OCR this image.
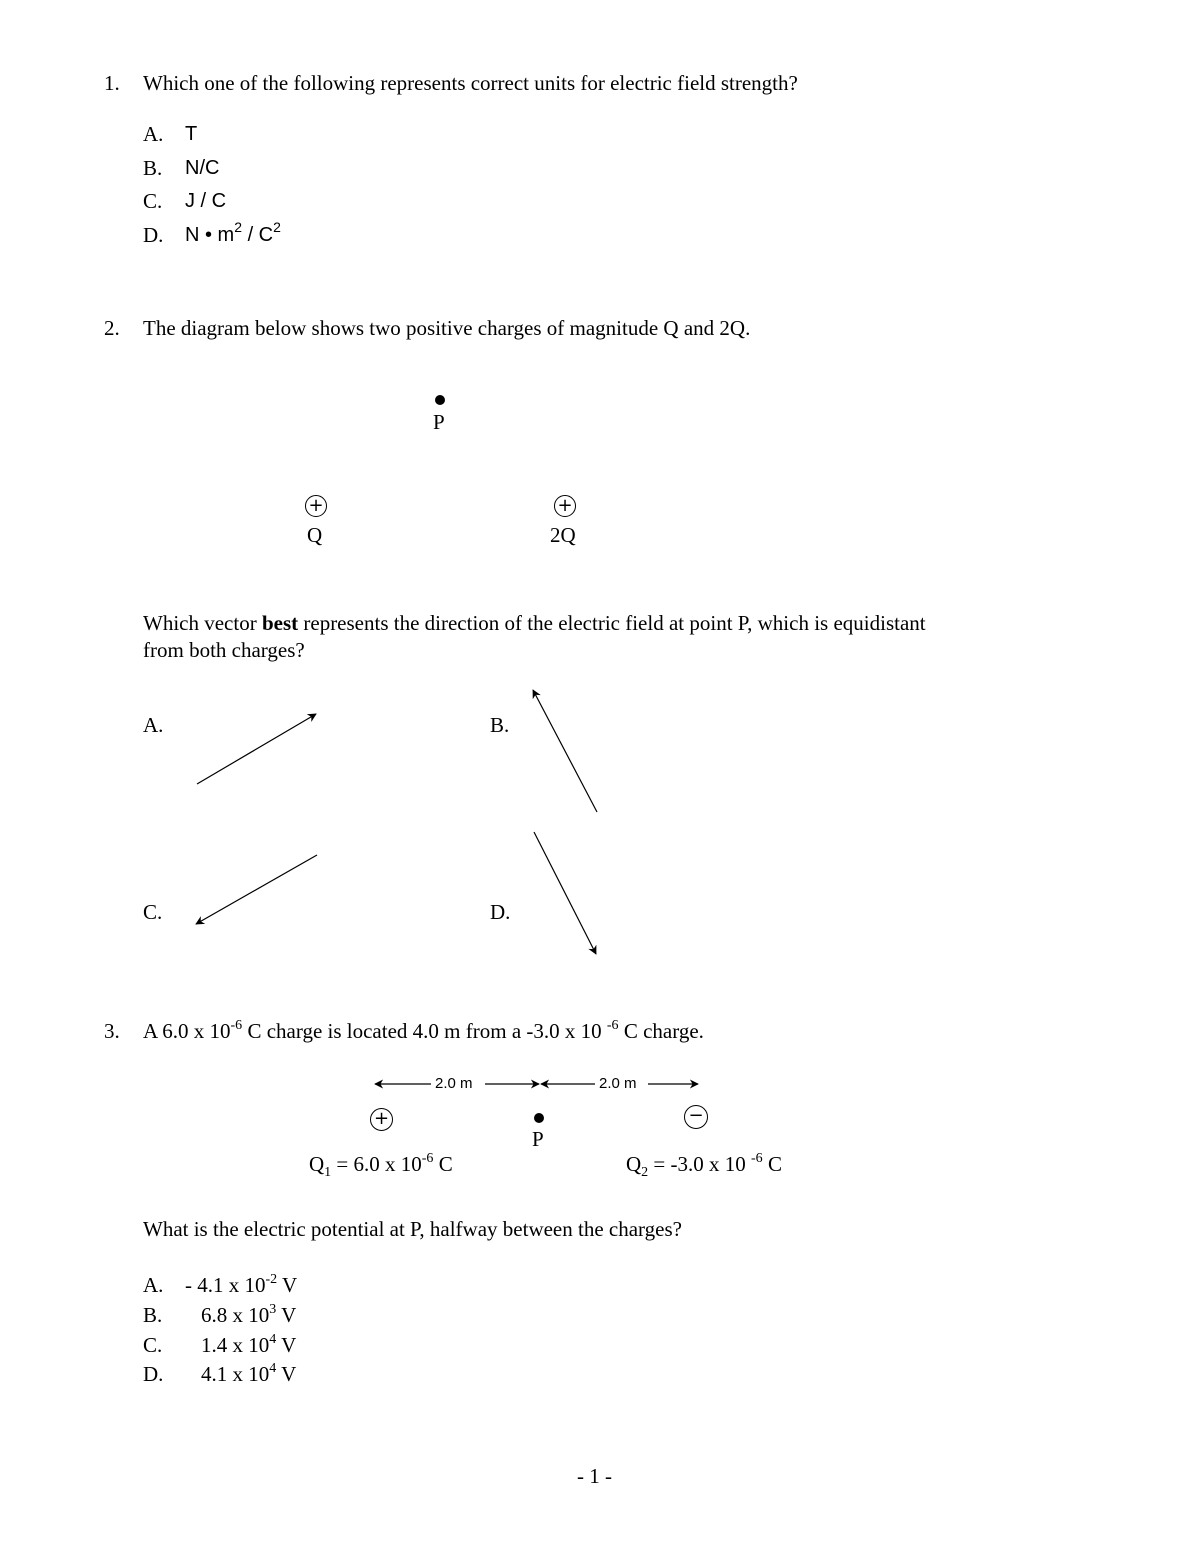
1. Which one of the following represents correct units for electric field strength?
A. T
B. N/C
C. J / C
D. N • $m^2 / C^2$
2. The diagram below shows two positive charges of magnitude Q and 2Q.
P
+
Q
+
2Q
Which vector best represents the direction of the electric field at point P, which is equidistant
from both charges?
A.	B.
C.	D.
3. A 6.0 x $10^{-6}$ C charge is located 4.0 m from a -3.0 x 10 $^{-6}$ C charge.
2.0 m	2.0 m
+
P
−
$Q_1 = 6.0$ x $10^{-6}$ C	$Q_2 = -3.0$ x 10 $^{-6}$ C
What is the electric potential at P, halfway between the charges?
A. - 4.1 x $10^{-2}$ V
B. 6.8 x $10^3$ V
C. 1.4 x $10^4$ V
D. 4.1 x $10^4$ V
- 1 -
